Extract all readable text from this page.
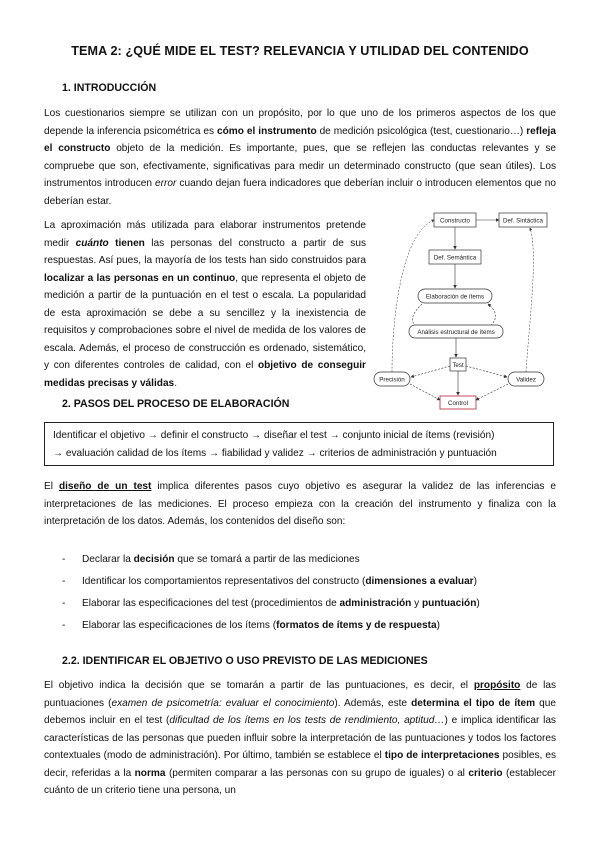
TEMA 2: ¿QUÉ MIDE EL TEST? RELEVANCIA Y UTILIDAD DEL CONTENIDO
1. INTRODUCCIÓN
Los cuestionarios siempre se utilizan con un propósito, por lo que uno de los primeros aspectos de los que depende la inferencia psicométrica es cómo el instrumento de medición psicológica (test, cuestionario…) refleja el constructo objeto de la medición. Es importante, pues, que se reflejen las conductas relevantes y se compruebe que son, efectivamente, significativas para medir un determinado constructo (que sean útiles). Los instrumentos introducen error cuando dejan fuera indicadores que deberían incluir o introducen elementos que no deberían estar.
La aproximación más utilizada para elaborar instrumentos pretende medir cuánto tienen las personas del constructo a partir de sus respuestas. Así pues, la mayoría de los tests han sido construidos para localizar a las personas en un continuo, que representa el objeto de medición a partir de la puntuación en el test o escala. La popularidad de esta aproximación se debe a su sencillez y la inexistencia de requisitos y comprobaciones sobre el nivel de medida de los valores de escala. Además, el proceso de construcción es ordenado, sistemático, y con diferentes controles de calidad, con el objetivo de conseguir medidas precisas y válidas.
Constructo	Def. Sintáctica
Def. Semántica
Elaboración de ítems
Análisis estructural de ítems
Test
Precisión	Validez
Control
2. PASOS DEL PROCESO DE ELABORACIÓN
Identificar el objetivo → definir el constructo → diseñar el test → conjunto inicial de ítems (revisión)
→ evaluación calidad de los ítems → fiabilidad y validez → criterios de administración y puntuación
El diseño de un test implica diferentes pasos cuyo objetivo es asegurar la validez de las inferencias e interpretaciones de las mediciones. El proceso empieza con la creación del instrumento y finaliza con la interpretación de los datos. Además, los contenidos del diseño son:
- Declarar la decisión que se tomará a partir de las mediciones
- Identificar los comportamientos representativos del constructo (dimensiones a evaluar)
- Elaborar las especificaciones del test (procedimientos de administración y puntuación)
- Elaborar las especificaciones de los ítems (formatos de ítems y de respuesta)
2.2. IDENTIFICAR EL OBJETIVO O USO PREVISTO DE LAS MEDICIONES
El objetivo indica la decisión que se tomarán a partir de las puntuaciones, es decir, el propósito de las puntuaciones (examen de psicometría: evaluar el conocimiento). Además, este determina el tipo de ítem que debemos incluir en el test (dificultad de los ítems en los tests de rendimiento, aptitud…) e implica identificar las características de las personas que pueden influir sobre la interpretación de las puntuaciones y todos los factores contextuales (modo de administración). Por último, también se establece el tipo de interpretaciones posibles, es decir, referidas a la norma (permiten comparar a las personas con su grupo de iguales) o al criterio (establecer cuánto de un criterio tiene una persona, un
